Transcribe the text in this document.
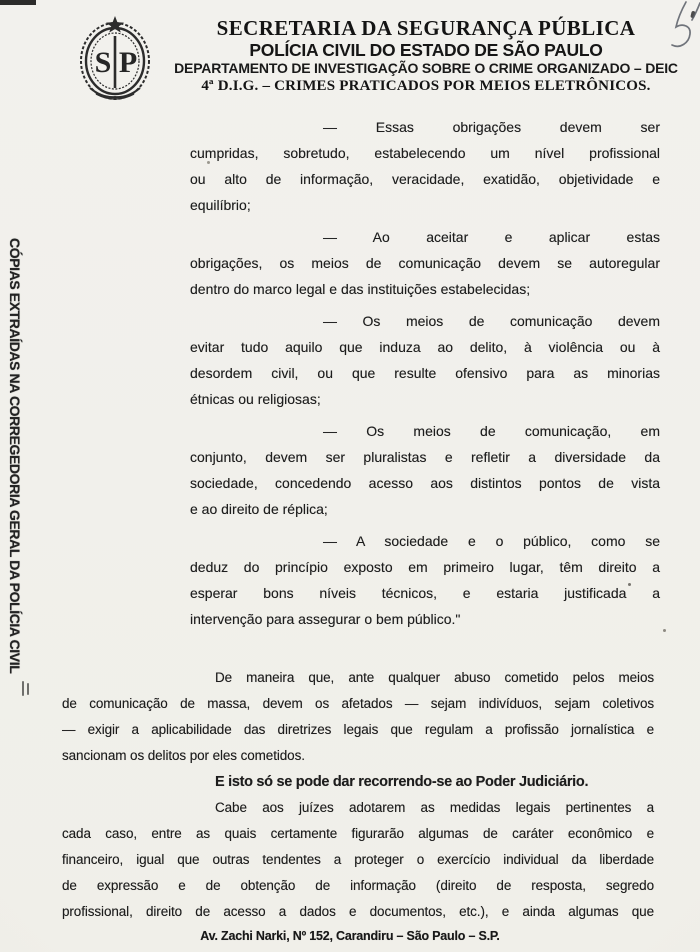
S P
SECRETARIA DA SEGURANÇA PÚBLICA
POLÍCIA CIVIL DO ESTADO DE SÃO PAULO
DEPARTAMENTO DE INVESTIGAÇÃO SOBRE O CRIME ORGANIZADO – DEIC
4ª D.I.G. – CRIMES PRATICADOS POR MEIOS ELETRÔNICOS.
CÓPIAS EXTRAÍDAS NA CORREGEDORIA GERAL DA POLÍCIA CIVIL

— Essas obrigações devem ser
cumpridas, sobretudo, estabelecendo um nível profissional
ou alto de informação, veracidade, exatidão, objetividade e
equilíbrio;

— Ao aceitar e aplicar estas
obrigações, os meios de comunicação devem se autoregular
dentro do marco legal e das instituições estabelecidas;

— Os meios de comunicação devem
evitar tudo aquilo que induza ao delito, à violência ou à
desordem civil, ou que resulte ofensivo para as minorias
étnicas ou religiosas;

— Os meios de comunicação, em
conjunto, devem ser pluralistas e refletir a diversidade da
sociedade, concedendo acesso aos distintos pontos de vista
e ao direito de réplica;

— A sociedade e o público, como se
deduz do princípio exposto em primeiro lugar, têm direito a
esperar bons níveis técnicos, e estaria justificada a
intervenção para assegurar o bem público."

De maneira que, ante qualquer abuso cometido pelos meios
de comunicação de massa, devem os afetados — sejam indivíduos, sejam coletivos
— exigir a aplicabilidade das diretrizes legais que regulam a profissão jornalística e
sancionam os delitos por eles cometidos.

E isto só se pode dar recorrendo-se ao Poder Judiciário.

Cabe aos juízes adotarem as medidas legais pertinentes a
cada caso, entre as quais certamente figurarão algumas de caráter econômico e
financeiro, igual que outras tendentes a proteger o exercício individual da liberdade
de expressão e de obtenção de informação (direito de resposta, segredo
profissional, direito de acesso a dados e documentos, etc.), e ainda algumas que

Av. Zachi Narki, Nº 152, Carandiru – São Paulo – S.P.
